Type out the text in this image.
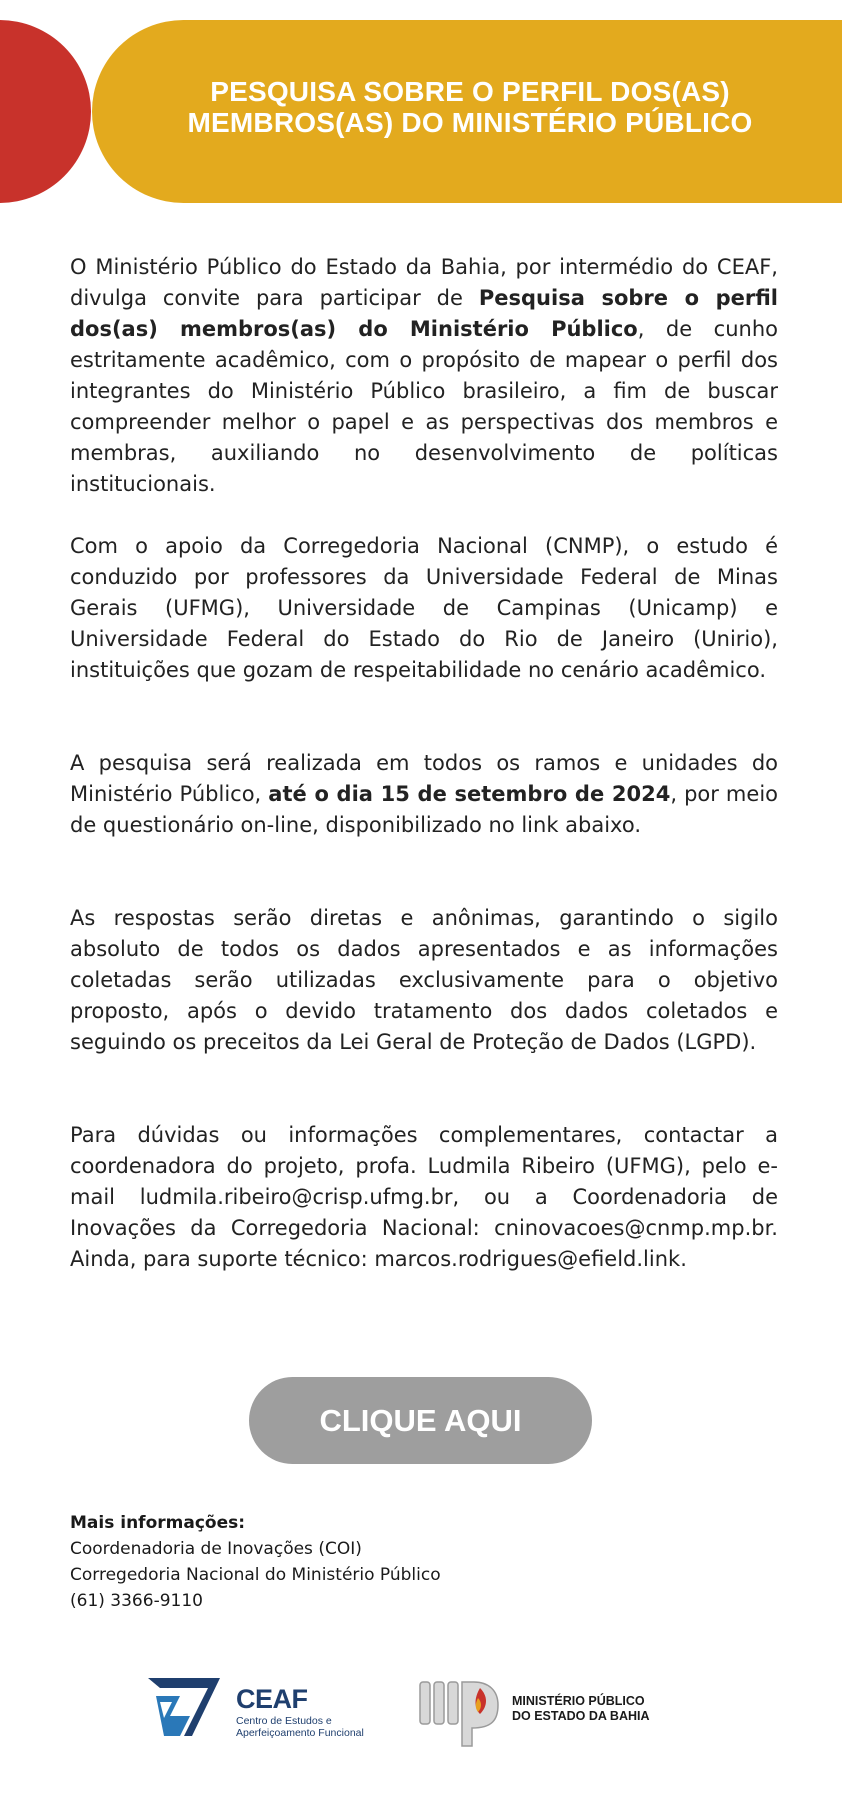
PESQUISA SOBRE O PERFIL DOS(AS)
MEMBROS(AS) DO MINISTÉRIO PÚBLICO
O Ministério Público do Estado da Bahia, por intermédio do CEAF, divulga convite para participar de Pesquisa sobre o perfil dos(as) membros(as) do Ministério Público, de cunho estritamente acadêmico, com o propósito de mapear o perfil dos integrantes do Ministério Público brasileiro, a fim de buscar compreender melhor o papel e as perspectivas dos membros e membras, auxiliando no desenvolvimento de políticas institucionais.
Com o apoio da Corregedoria Nacional (CNMP), o estudo é conduzido por professores da Universidade Federal de Minas Gerais (UFMG), Universidade de Campinas (Unicamp) e Universidade Federal do Estado do Rio de Janeiro (Unirio), instituições que gozam de respeitabilidade no cenário acadêmico.
A pesquisa será realizada em todos os ramos e unidades do Ministério Público, até o dia 15 de setembro de 2024, por meio de questionário on-line, disponibilizado no link abaixo.
As respostas serão diretas e anônimas, garantindo o sigilo absoluto de todos os dados apresentados e as informações coletadas serão utilizadas exclusivamente para o objetivo proposto, após o devido tratamento dos dados coletados e seguindo os preceitos da Lei Geral de Proteção de Dados (LGPD).
Para dúvidas ou informações complementares, contactar a coordenadora do projeto, profa. Ludmila Ribeiro (UFMG), pelo e-mail ludmila.ribeiro@crisp.ufmg.br, ou a Coordenadoria de Inovações da Corregedoria Nacional: cninovacoes@cnmp.mp.br. Ainda, para suporte técnico: marcos.rodrigues@efield.link.
CLIQUE AQUI
Mais informações:
Coordenadoria de Inovações (COI)
Corregedoria Nacional do Ministério Público
(61) 3366-9110
CEAF
Centro de Estudos e
Aperfeiçoamento Funcional
MINISTÉRIO PÚBLICO
DO ESTADO DA BAHIA
